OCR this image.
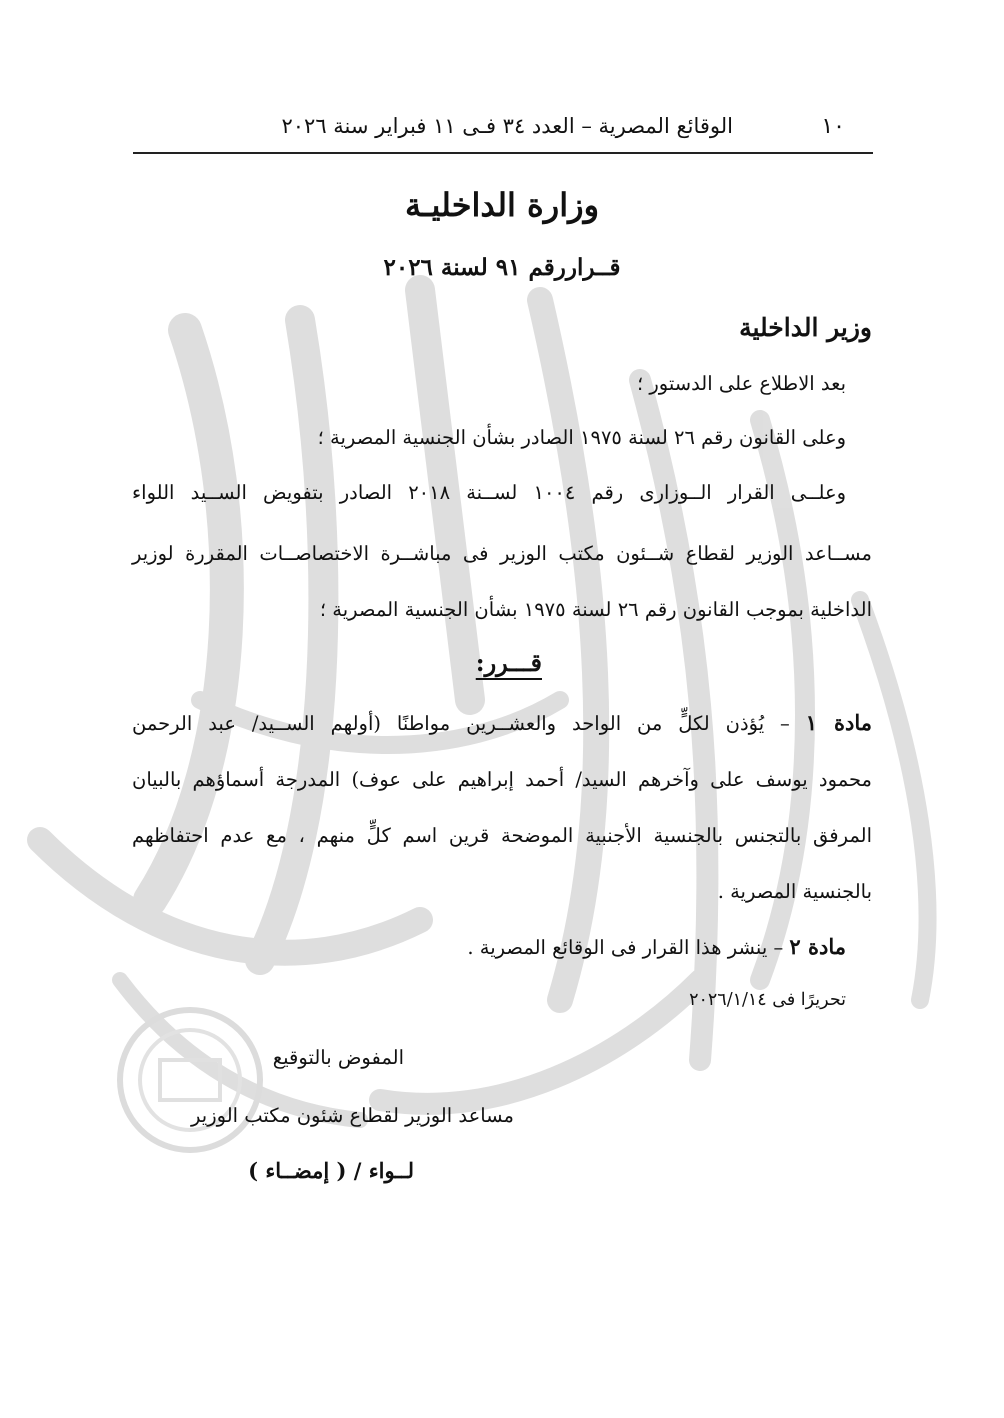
١٠
الوقائع المصرية – العدد ٣٤ فـى ١١ فبراير سنة ٢٠٢٦
وزارة الداخليـة
قــراررقم ٩١ لسنة ٢٠٢٦
وزير الداخلية
بعد الاطلاع على الدستور ؛
وعلى القانون رقم ٢٦ لسنة ١٩٧٥ الصادر بشأن الجنسية المصرية ؛
وعلــى القرار الــوزارى رقم ١٠٠٤ لســنة ٢٠١٨ الصادر بتفويض الســيد اللواء
مســاعد الوزير لقطاع شــئون مكتب الوزير فى مباشــرة الاختصاصــات المقررة لوزير
الداخلية بموجب القانون رقم ٢٦ لسنة ١٩٧٥ بشأن الجنسية المصرية ؛
قـــرر:
مادة ١ – يُؤذن لكلٍّ من الواحد والعشــرين مواطنًا (أولهم الســيد/ عبد الرحمن
محمود يوسف على وآخرهم السيد/ أحمد إبراهيم على عوف) المدرجة أسماؤهم بالبيان
المرفق بالتجنس بالجنسية الأجنبية الموضحة قرين اسم كلٍّ منهم ، مع عدم احتفاظهم
بالجنسية المصرية .
مادة ٢ – ينشر هذا القرار فى الوقائع المصرية .
تحريرًا فى ٢٠٢٦/١/١٤
المفوض بالتوقيع
مساعد الوزير لقطاع شئون مكتب الوزير
لــواء / ( إمضــاء )
